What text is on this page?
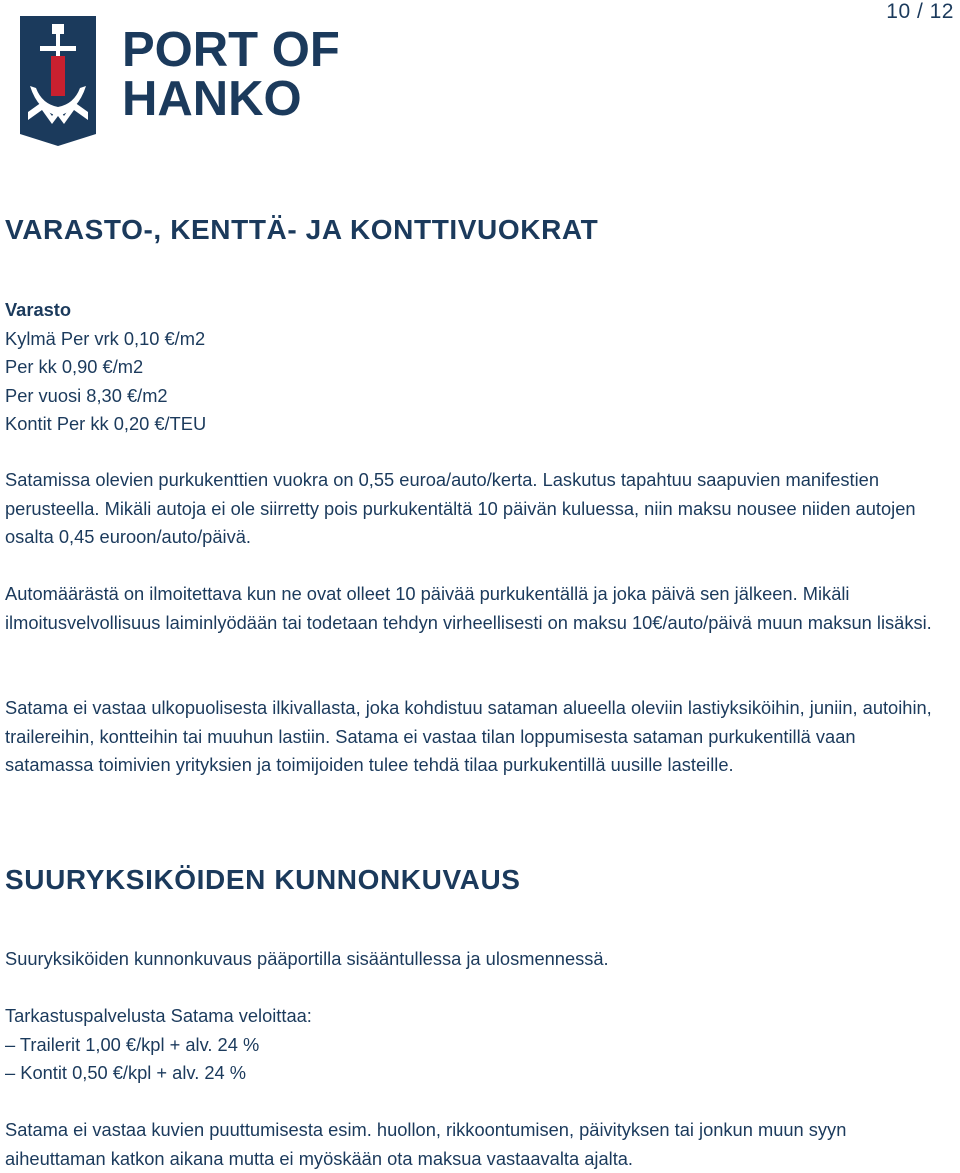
10 / 12
PORT OF
HANKO
VARASTO-, KENTTÄ- JA KONTTIVUOKRAT

Varasto

Kylmä Per vrk 0,10 €/m2

Per kk 0,90 €/m2

Per vuosi 8,30 €/m2

Kontit Per kk 0,20 €/TEU

Satamissa olevien purkukenttien vuokra on 0,55 euroa/auto/kerta. Laskutus tapahtuu saapuvien manifestien perusteella. Mikäli autoja ei ole siirretty pois purkukentältä 10 päivän kuluessa, niin maksu nousee niiden autojen osalta 0,45 euroon/auto/päivä.

Automäärästä on ilmoitettava kun ne ovat olleet 10 päivää purkukentällä ja joka päivä sen jälkeen. Mikäli ilmoitusvelvollisuus laiminlyödään tai todetaan tehdyn virheellisesti on maksu 10€/auto/päivä muun maksun lisäksi.

Satama ei vastaa ulkopuolisesta ilkivallasta, joka kohdistuu sataman alueella oleviin lastiyksiköihin, juniin, autoihin, trailereihin, kontteihin tai muuhun lastiin. Satama ei vastaa tilan loppumisesta sataman purkukentillä vaan satamassa toimivien yrityksien ja toimijoiden tulee tehdä tilaa purkukentillä uusille lasteille.

SUURYKSIKÖIDEN KUNNONKUVAUS

Suuryksiköiden kunnonkuvaus pääportilla sisääntullessa ja ulosmennessä.

Tarkastuspalvelusta Satama veloittaa:

– Trailerit 1,00 €/kpl + alv. 24 %

– Kontit 0,50 €/kpl + alv. 24 %

Satama ei vastaa kuvien puuttumisesta esim. huollon, rikkoontumisen, päivityksen tai jonkun muun syyn aiheuttaman katkon aikana mutta ei myöskään ota maksua vastaavalta ajalta.
